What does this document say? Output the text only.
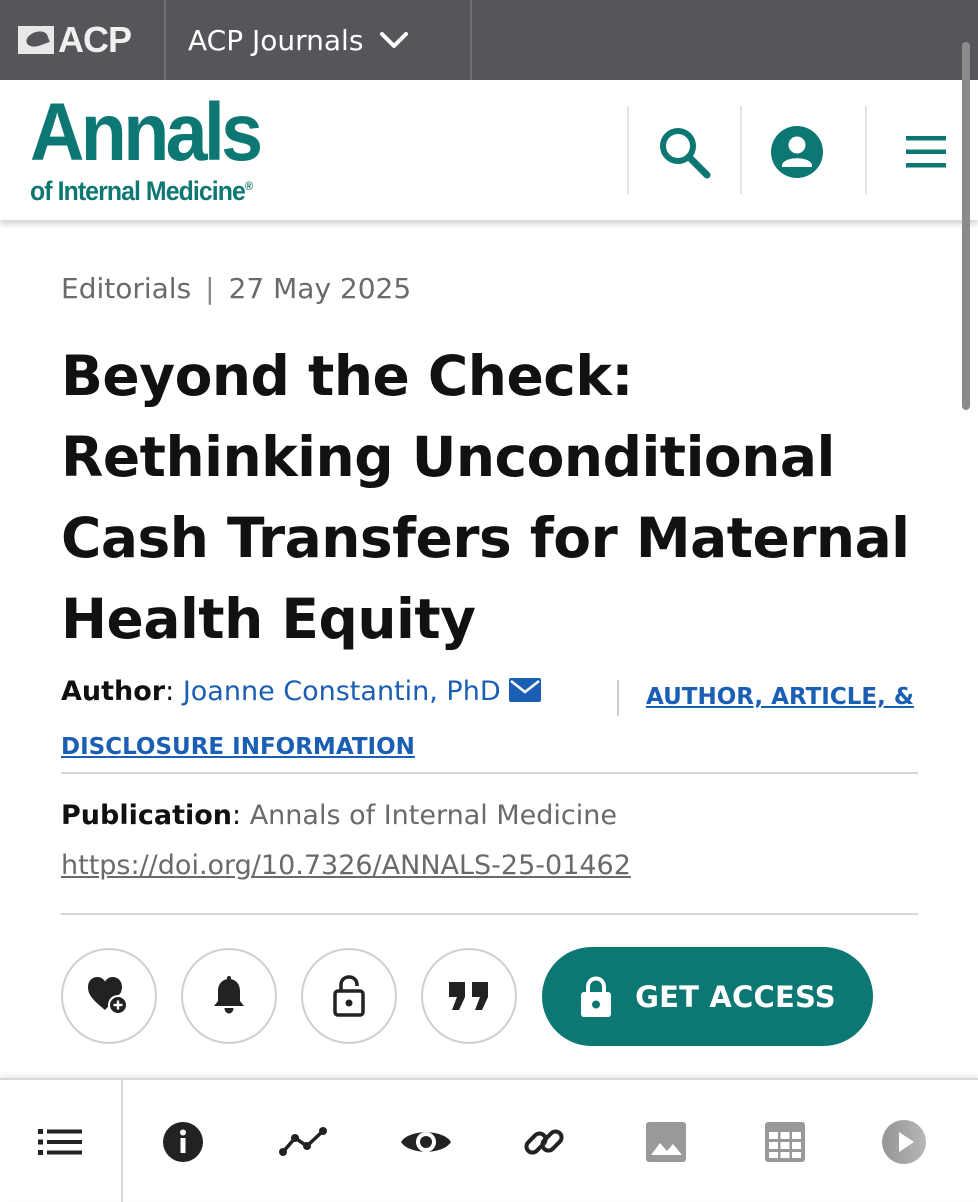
ACP ACP Journals
Annals
of Internal Medicine®
Editorials | 27 May 2025
Beyond the Check: Rethinking Unconditional Cash Transfers for Maternal Health Equity
Author: Joanne Constantin, PhD	AUTHOR, ARTICLE, &
DISCLOSURE INFORMATION
Publication: Annals of Internal Medicine
https://doi.org/10.7326/ANNALS-25-01462
GET ACCESS
